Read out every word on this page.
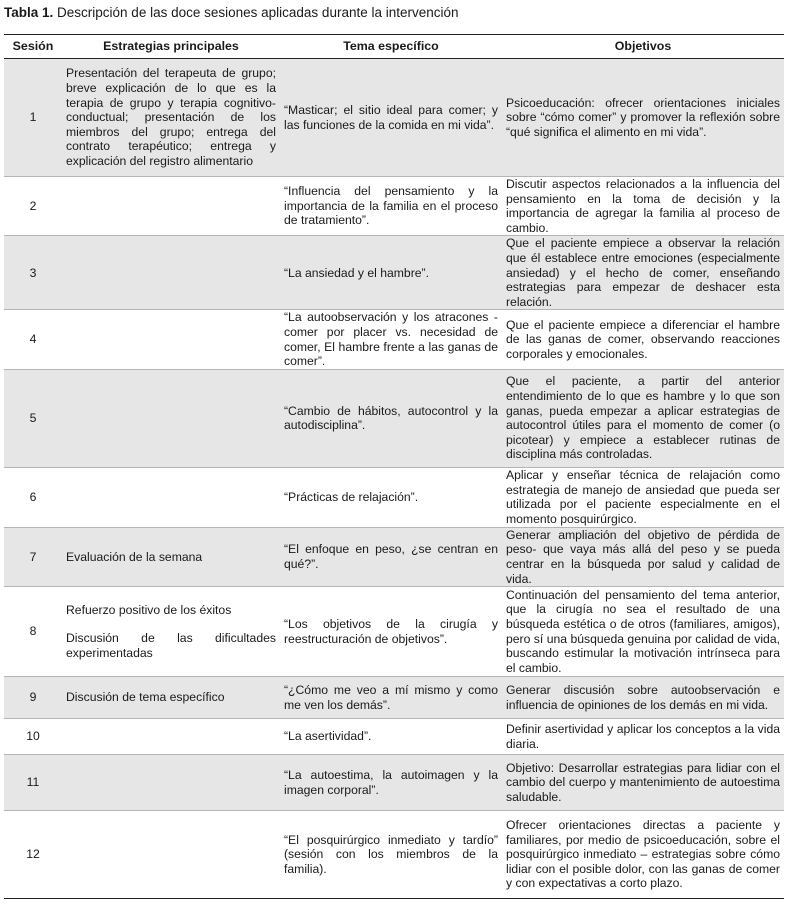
Tabla 1. Descripción de las doce sesiones aplicadas durante la intervención
Sesión	Estrategias principales	Tema específico	Objetivos
1	Presentación del terapeuta de grupo; breve explicación de lo que es la terapia de grupo y terapia cognitivo-conductual; presentación de los miembros del grupo; entrega del contrato terapéutico; entrega y explicación del registro alimentario	“Masticar; el sitio ideal para comer; y las funciones de la comida en mi vida”.	Psicoeducación: ofrecer orientaciones iniciales sobre “cómo comer” y promover la reflexión sobre “qué significa el alimento en mi vida”.
2		“Influencia del pensamiento y la importancia de la familia en el proceso de tratamiento”.	Discutir aspectos relacionados a la influencia del pensamiento en la toma de decisión y la importancia de agregar la familia al proceso de cambio.
3		“La ansiedad y el hambre”.	Que el paciente empiece a observar la relación que él establece entre emociones (especialmente ansiedad) y el hecho de comer, enseñando estrategias para empezar de deshacer esta relación.
4		“La autoobservación y los atracones - comer por placer vs. necesidad de comer, El hambre frente a las ganas de comer”.	Que el paciente empiece a diferenciar el hambre de las ganas de comer, observando reacciones corporales y emocionales.
5		“Cambio de hábitos, autocontrol y la autodisciplina”.	Que el paciente, a partir del anterior entendimiento de lo que es hambre y lo que son ganas, pueda empezar a aplicar estrategias de autocontrol útiles para el momento de comer (o picotear) y empiece a establecer rutinas de disciplina más controladas.
6		“Prácticas de relajación”.	Aplicar y enseñar técnica de relajación como estrategia de manejo de ansiedad que pueda ser utilizada por el paciente especialmente en el momento posquirúrgico.
7	Evaluación de la semana	“El enfoque en peso, ¿se centran en qué?”.	Generar ampliación del objetivo de pérdida de peso- que vaya más allá del peso y se pueda centrar en la búsqueda por salud y calidad de vida.
8	Refuerzo positivo de los éxitos
Discusión de las dificultades experimentadas	“Los objetivos de la cirugía y reestructuración de objetivos”.	Continuación del pensamiento del tema anterior, que la cirugía no sea el resultado de una búsqueda estética o de otros (familiares, amigos), pero sí una búsqueda genuina por calidad de vida, buscando estimular la motivación intrínseca para el cambio.
9	Discusión de tema específico	“¿Cómo me veo a mí mismo y como me ven los demás”.	Generar discusión sobre autoobservación e influencia de opiniones de los demás en mi vida.
10		“La asertividad”.	Definir asertividad y aplicar los conceptos a la vida diaria.
11		“La autoestima, la autoimagen y la imagen corporal”.	Objetivo: Desarrollar estrategias para lidiar con el cambio del cuerpo y mantenimiento de autoestima saludable.
12		“El posquirúrgico inmediato y tardío” (sesión con los miembros de la familia).	Ofrecer orientaciones directas a paciente y familiares, por medio de psicoeducación, sobre el posquirúrgico inmediato – estrategias sobre cómo lidiar con el posible dolor, con las ganas de comer y con expectativas a corto plazo.
